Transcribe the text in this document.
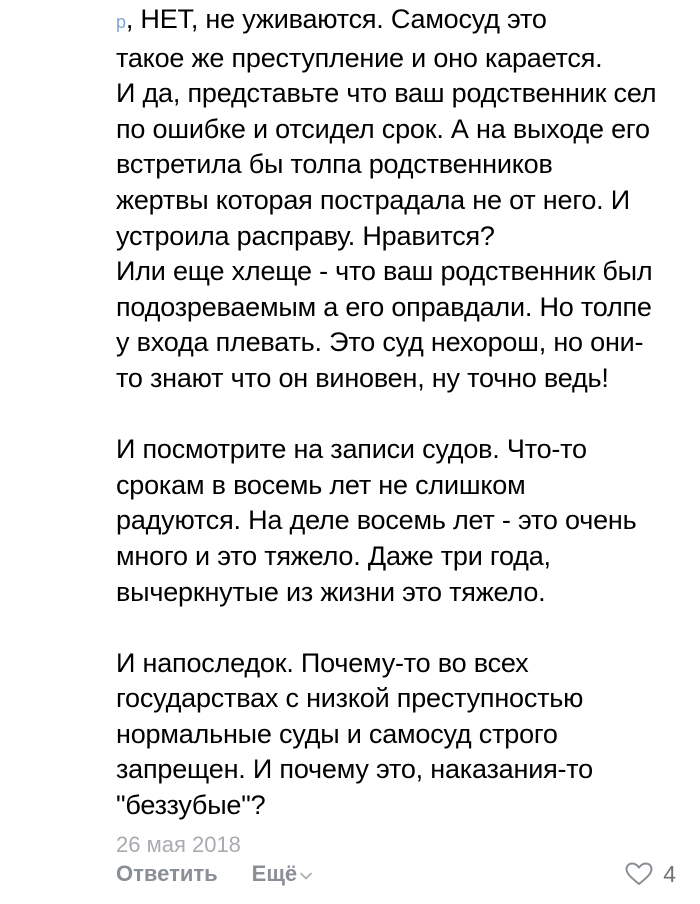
р, НЕТ, не уживаются. Самосуд это
такое же преступление и оно карается.
И да, представьте что ваш родственник сел
по ошибке и отсидел срок. А на выходе его
встретила бы толпа родственников
жертвы которая пострадала не от него. И
устроила расправу. Нравится?
Или еще хлеще - что ваш родственник был
подозреваемым а его оправдали. Но толпе
у входа плевать. Это суд нехорош, но они-
то знают что он виновен, ну точно ведь!
И посмотрите на записи судов. Что-то
срокам в восемь лет не слишком
радуются. На деле восемь лет - это очень
много и это тяжело. Даже три года,
вычеркнутые из жизни это тяжело.
И напоследок. Почему-то во всех
государствах с низкой преступностью
нормальные суды и самосуд строго
запрещен. И почему это, наказания-то
"беззубые"?
26 мая 2018
Ответить Ещё	4
